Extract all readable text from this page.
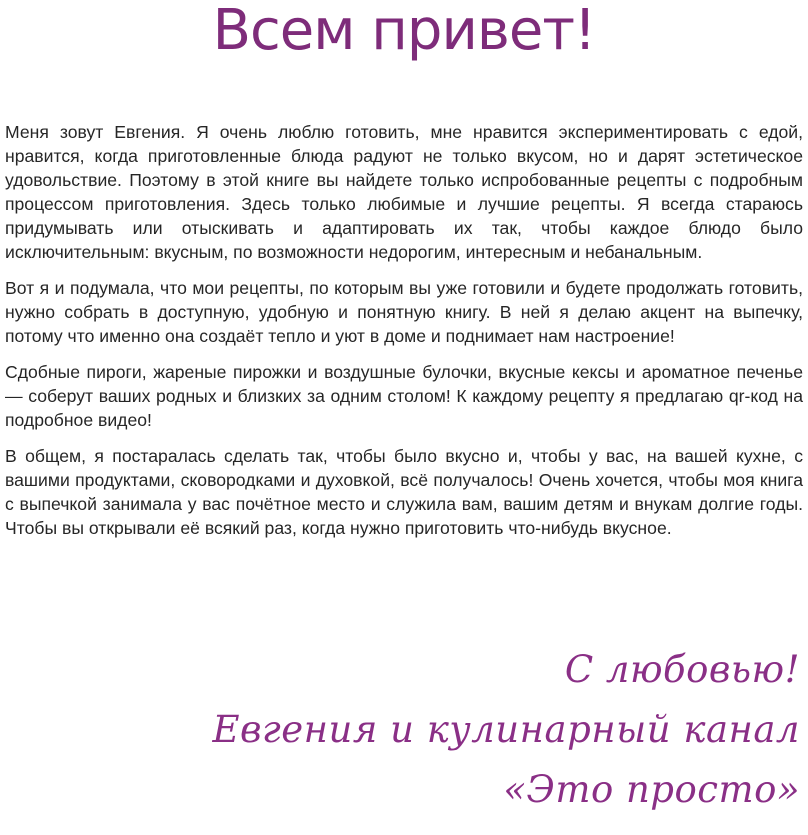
Всем привет!

Меня зовут Евгения. Я очень люблю готовить, мне нравится экспериментировать с едой, нравится, когда приготовленные блюда радуют не только вкусом, но и дарят эстетическое удовольствие. Поэтому в этой книге вы найдете только испробованные рецепты с подробным процессом приготовления. Здесь только любимые и лучшие рецепты. Я всегда стараюсь придумывать или отыскивать и адаптировать их так, чтобы каждое блюдо было исключительным: вкусным, по возможности недорогим, интересным и небанальным.

Вот я и подумала, что мои рецепты, по которым вы уже готовили и будете продолжать готовить, нужно собрать в доступную, удобную и понятную книгу. В ней я делаю акцент на выпечку, потому что именно она создаёт тепло и уют в доме и поднимает нам настроение!

Сдобные пироги, жареные пирожки и воздушные булочки, вкусные кексы и ароматное печенье — соберут ваших родных и близких за одним столом! К каждому рецепту я предлагаю qr-код на подробное видео!

В общем, я постаралась сделать так, чтобы было вкусно и, чтобы у вас, на вашей кухне, с вашими продуктами, сковородками и духовкой, всё получалось! Очень хочется, чтобы моя книга с выпечкой занимала у вас почётное место и служила вам, вашим детям и внукам долгие годы. Чтобы вы открывали её всякий раз, когда нужно приготовить что-нибудь вкусное.

С любовью!
Евгения и кулинарный канал
«Это просто»
